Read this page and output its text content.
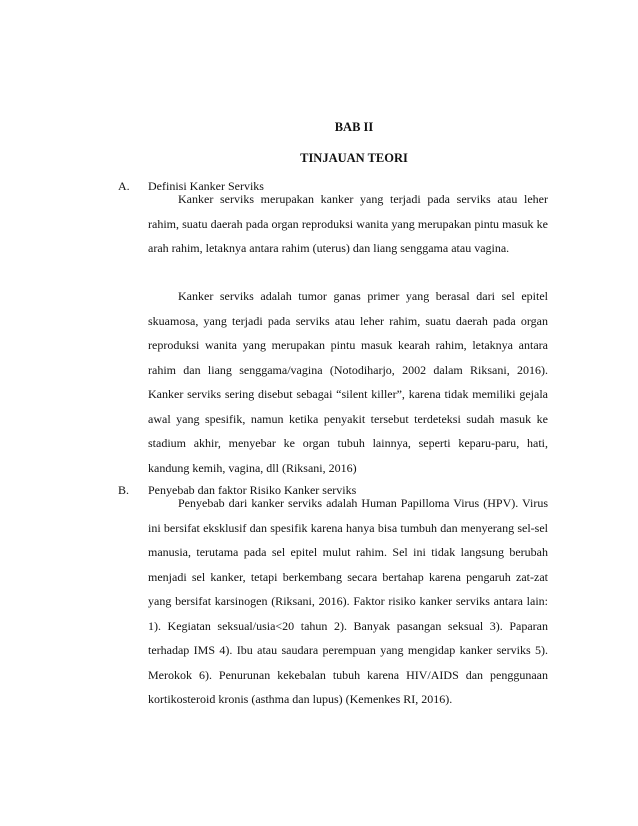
BAB II
TINJAUAN TEORI
A. Definisi Kanker Serviks

Kanker serviks merupakan kanker yang terjadi pada serviks atau leher rahim, suatu daerah pada organ reproduksi wanita yang merupakan pintu masuk ke arah rahim, letaknya antara rahim (uterus) dan liang senggama atau vagina.

Kanker serviks adalah tumor ganas primer yang berasal dari sel epitel skuamosa, yang terjadi pada serviks atau leher rahim, suatu daerah pada organ reproduksi wanita yang merupakan pintu masuk kearah rahim, letaknya antara rahim dan liang senggama/vagina (Notodiharjo, 2002 dalam Riksani, 2016). Kanker serviks sering disebut sebagai “silent killer”, karena tidak memiliki gejala awal yang spesifik, namun ketika penyakit tersebut terdeteksi sudah masuk ke stadium akhir, menyebar ke organ tubuh lainnya, seperti keparu-paru, hati, kandung kemih, vagina, dll (Riksani, 2016)

B. Penyebab dan faktor Risiko Kanker serviks

Penyebab dari kanker serviks adalah Human Papilloma Virus (HPV). Virus ini bersifat eksklusif dan spesifik karena hanya bisa tumbuh dan menyerang sel-sel manusia, terutama pada sel epitel mulut rahim. Sel ini tidak langsung berubah menjadi sel kanker, tetapi berkembang secara bertahap karena pengaruh zat-zat yang bersifat karsinogen (Riksani, 2016). Faktor risiko kanker serviks antara lain: 1). Kegiatan seksual/usia<20 tahun 2). Banyak pasangan seksual 3). Paparan terhadap IMS 4). Ibu atau saudara perempuan yang mengidap kanker serviks 5). Merokok 6). Penurunan kekebalan tubuh karena HIV/AIDS dan penggunaan kortikosteroid kronis (asthma dan lupus) (Kemenkes RI, 2016).
